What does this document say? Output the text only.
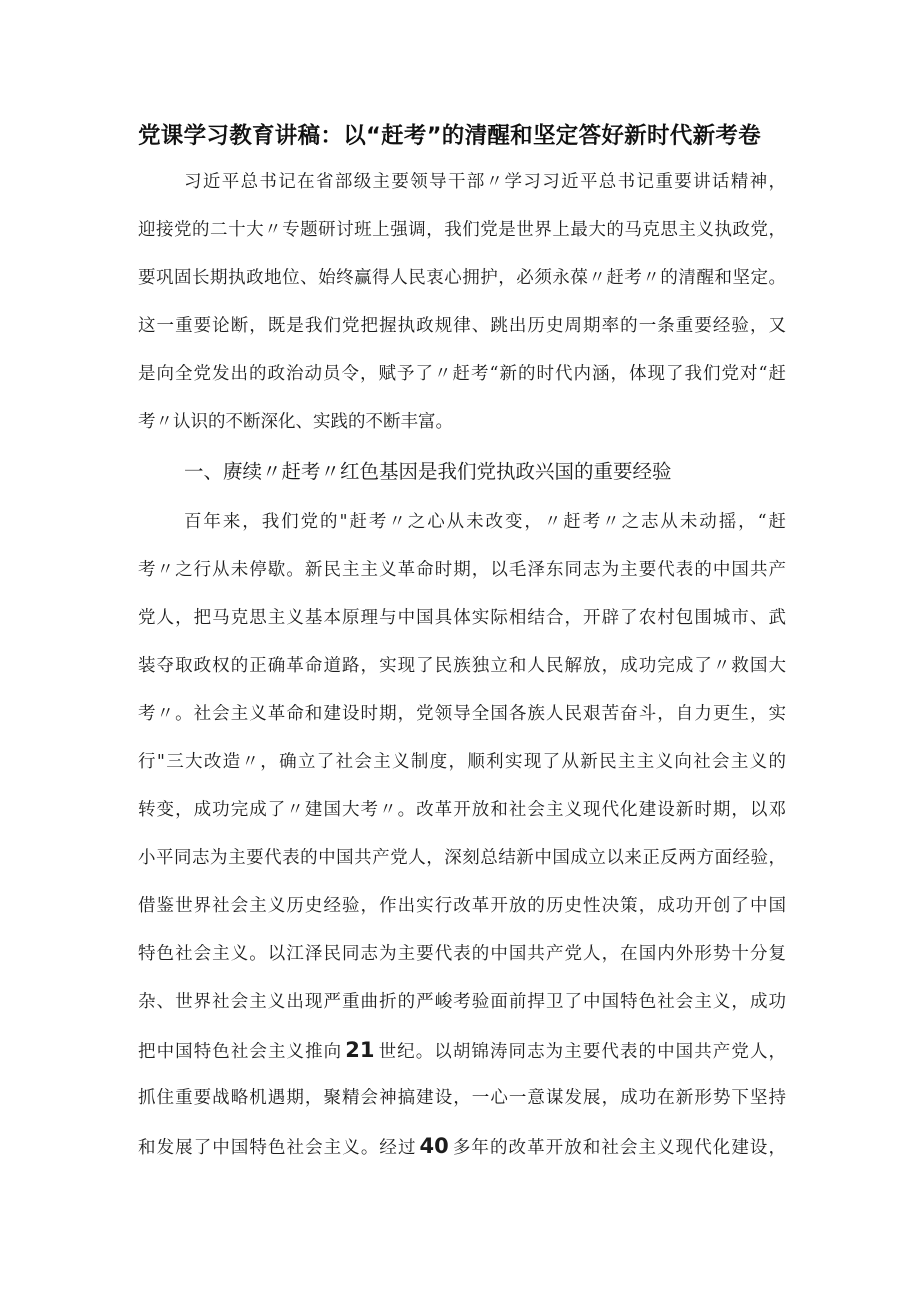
党课学习教育讲稿：以“赶考”的清醒和坚定答好新时代新考卷
习近平总书记在省部级主要领导干部〃学习习近平总书记重要讲话精神，
迎接党的二十大〃专题研讨班上强调，我们党是世界上最大的马克思主义执政党，
要巩固长期执政地位、始终赢得人民衷心拥护，必须永葆〃赶考〃的清醒和坚定。
这一重要论断，既是我们党把握执政规律、跳出历史周期率的一条重要经验，又
是向全党发出的政治动员令，赋予了〃赶考“新的时代内涵，体现了我们党对“赶
考〃认识的不断深化、实践的不断丰富。
一、赓续〃赶考〃红色基因是我们党执政兴国的重要经验
百年来，我们党的"赶考〃之心从未改变，〃赶考〃之志从未动摇，“赶
考〃之行从未停歇。新民主主义革命时期，以毛泽东同志为主要代表的中国共产
党人，把马克思主义基本原理与中国具体实际相结合，开辟了农村包围城市、武
装夺取政权的正确革命道路，实现了民族独立和人民解放，成功完成了〃救国大
考〃。社会主义革命和建设时期，党领导全国各族人民艰苦奋斗，自力更生，实
行"三大改造〃，确立了社会主义制度，顺利实现了从新民主主义向社会主义的
转变，成功完成了〃建国大考〃。改革开放和社会主义现代化建设新时期，以邓
小平同志为主要代表的中国共产党人，深刻总结新中国成立以来正反两方面经验，
借鉴世界社会主义历史经验，作出实行改革开放的历史性决策，成功开创了中国
特色社会主义。以江泽民同志为主要代表的中国共产党人，在国内外形势十分复
杂、世界社会主义出现严重曲折的严峻考验面前捍卫了中国特色社会主义，成功
把中国特色社会主义推向 21 世纪。以胡锦涛同志为主要代表的中国共产党人，
抓住重要战略机遇期，聚精会神搞建设，一心一意谋发展，成功在新形势下坚持
和发展了中国特色社会主义。经过 40 多年的改革开放和社会主义现代化建设，
